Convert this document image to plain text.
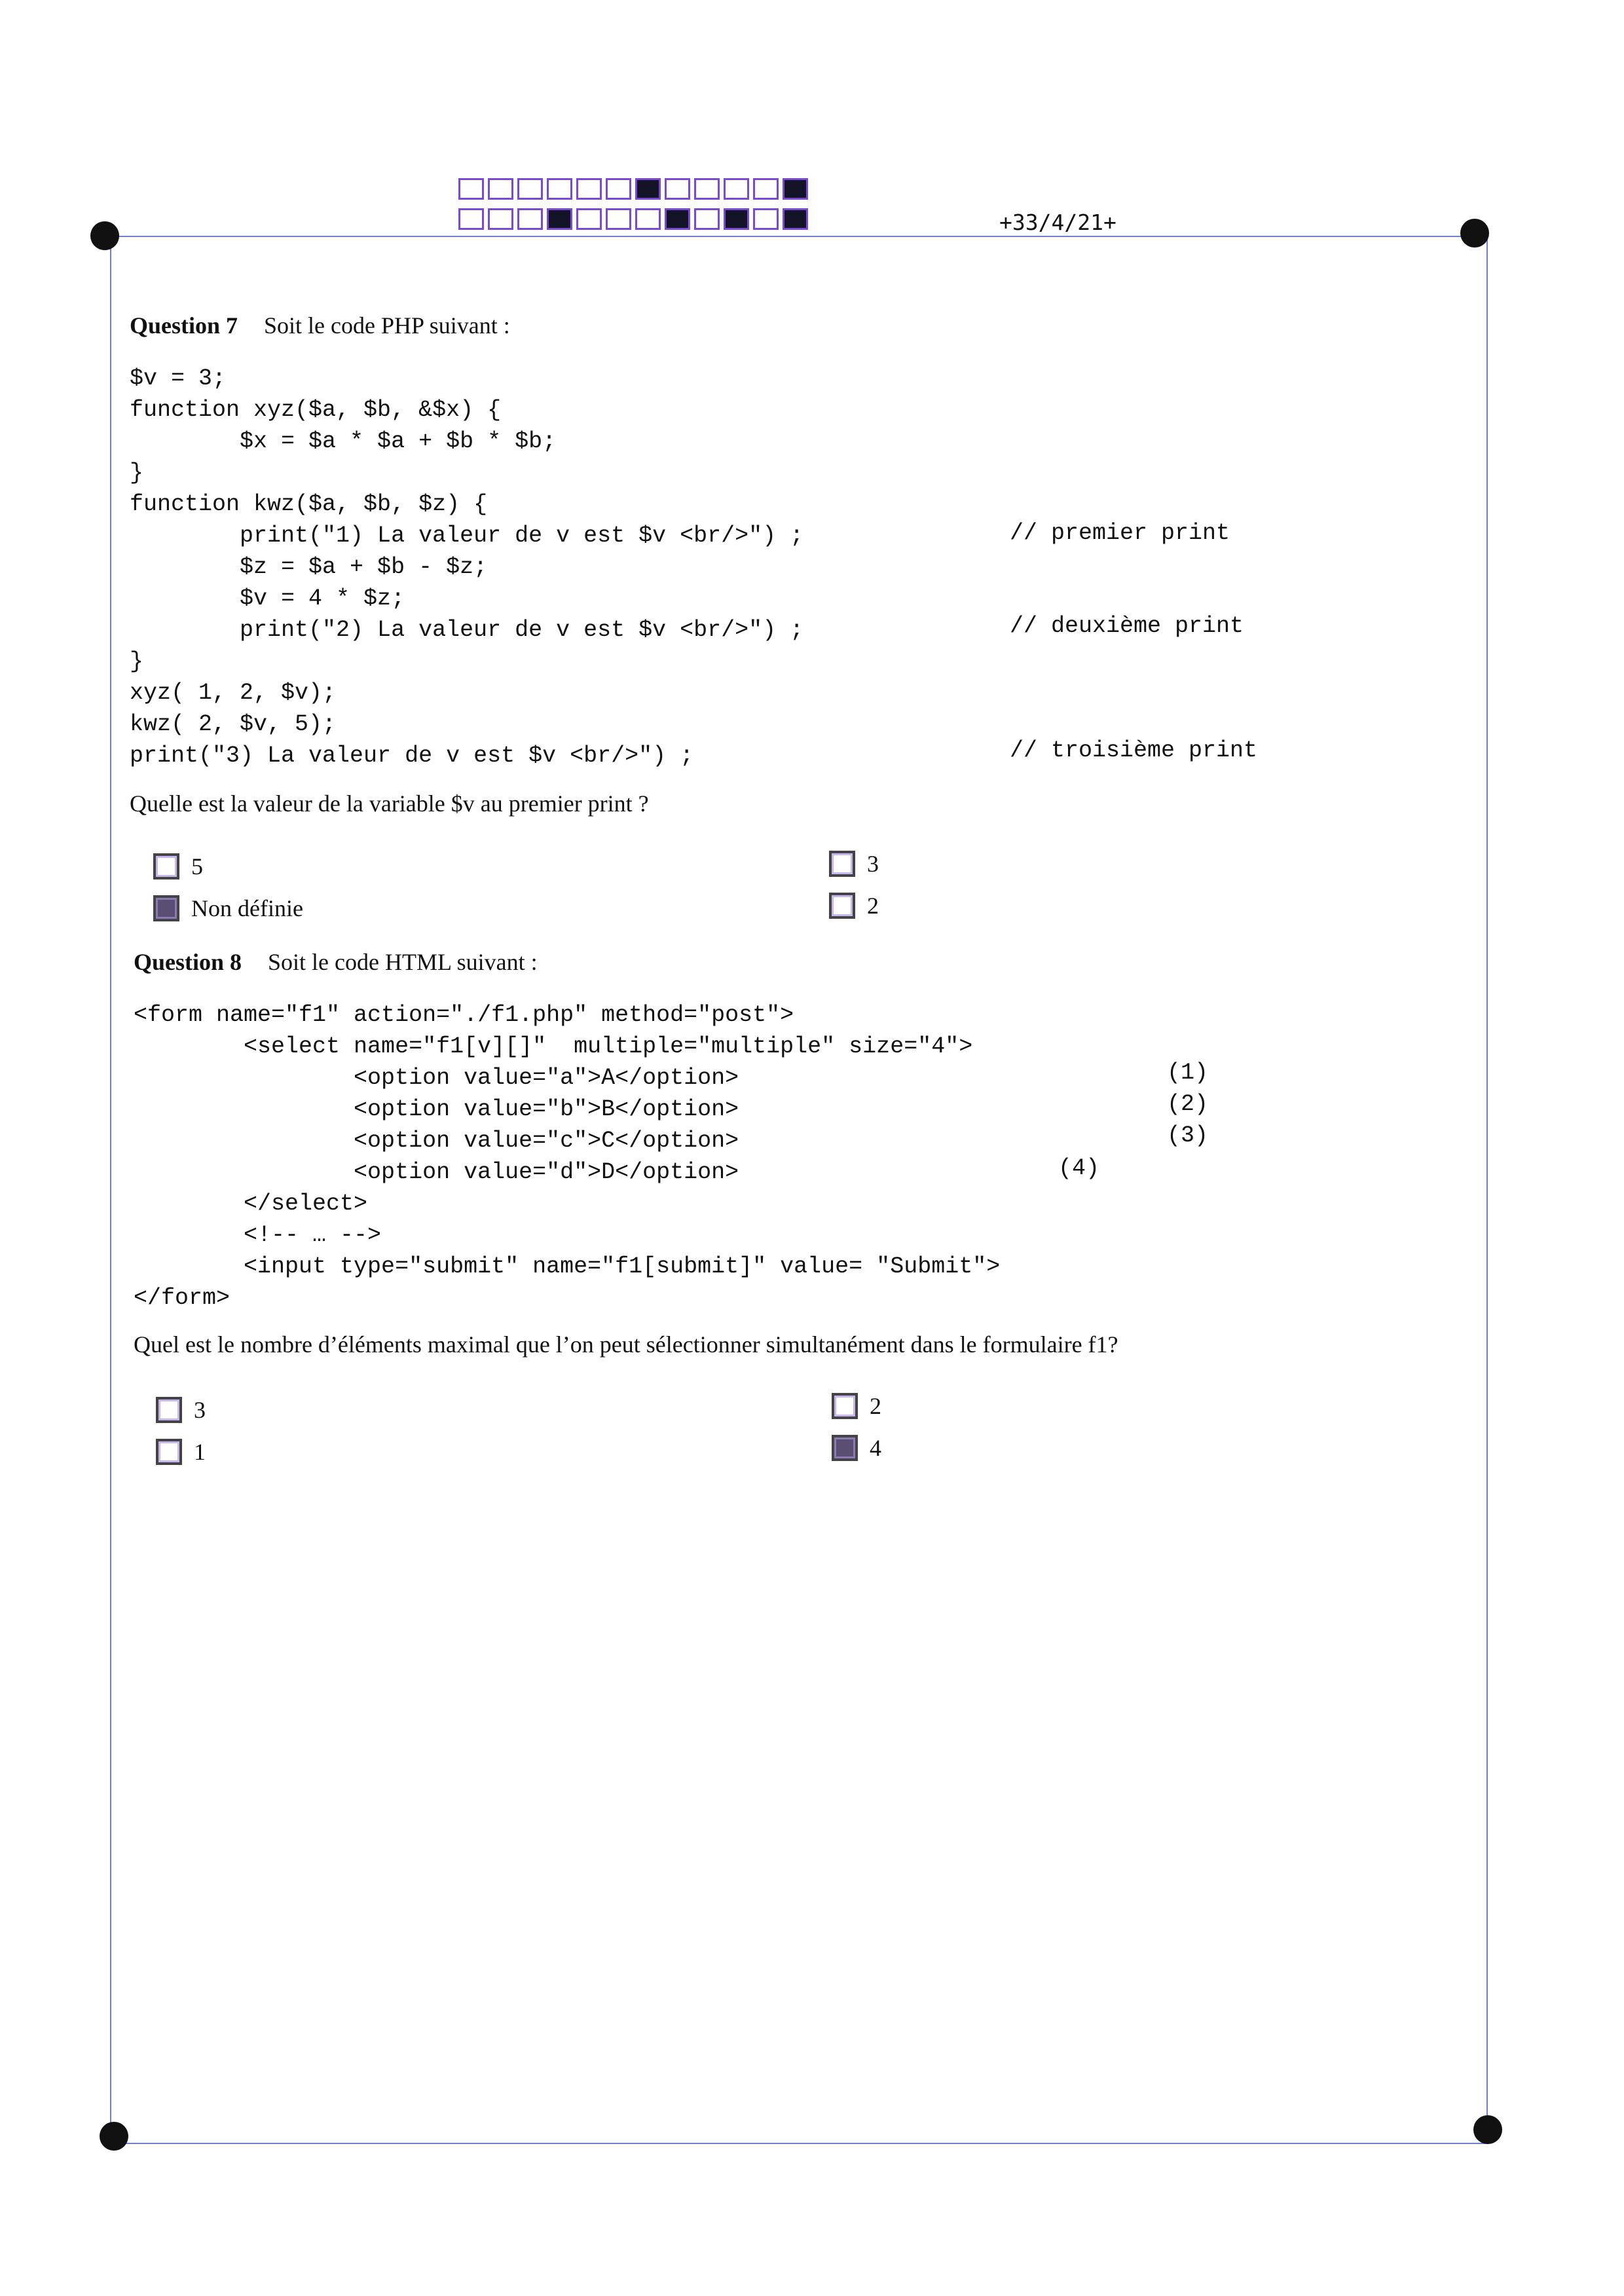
+33/4/21+
Question 7 Soit le code PHP suivant :
$v = 3;
function xyz($a, $b, &$x) {
$x = $a * $a + $b * $b;
}
function kwz($a, $b, $z) {
print("1) La valeur de v est $v <br/>") ;
$z = $a + $b - $z;
$v = 4 * $z;
print("2) La valeur de v est $v <br/>") ;
}
xyz( 1, 2, $v);
kwz( 2, $v, 5);
print("3) La valeur de v est $v <br/>") ;
// premier print
// deuxième print
// troisième print
Quelle est la valeur de la variable $v au premier print ?
5	3
Non définie	2
Question 8 Soit le code HTML suivant :
<form name="f1" action="./f1.php" method="post">
<select name="f1[v][]"  multiple="multiple" size="4">
<option value="a">A</option>
<option value="b">B</option>
<option value="c">C</option>
<option value="d">D</option>
</select>
<!-- … -->
<input type="submit" name="f1[submit]" value= "Submit">
</form>
(1)
(2)
(3)
(4)
Quel est le nombre d’éléments maximal que l’on peut sélectionner simultanément dans le formulaire f1?
3	2
1	4
